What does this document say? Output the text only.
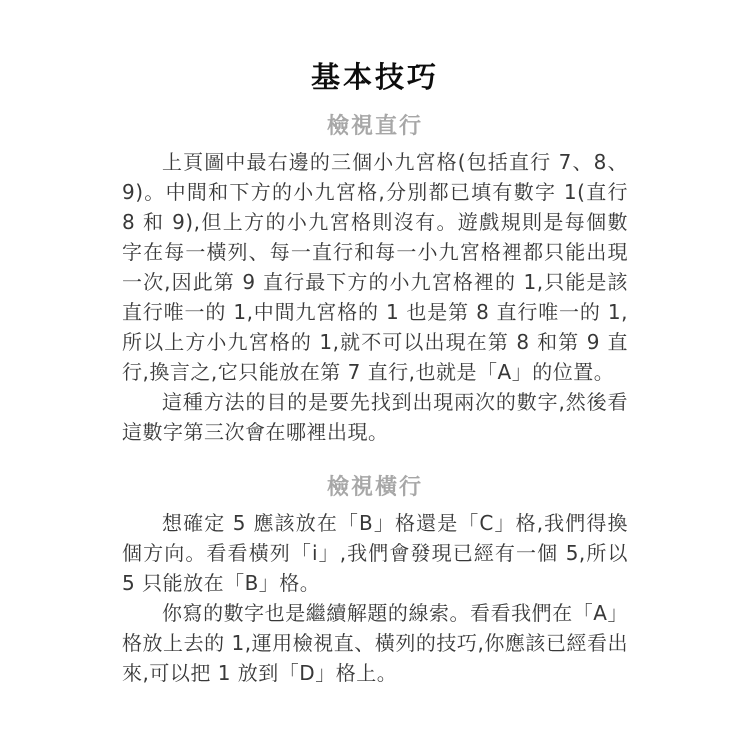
基本技巧
檢視直行

上頁圖中最右邊的三個小九宮格(包括直行 7、8、9)。中間和下方的小九宮格,分別都已填有數字 1(直行 8 和 9),但上方的小九宮格則沒有。遊戲規則是每個數字在每一橫列、每一直行和每一小九宮格裡都只能出現一次,因此第 9 直行最下方的小九宮格裡的 1,只能是該直行唯一的 1,中間九宮格的 1 也是第 8 直行唯一的 1,所以上方小九宮格的 1,就不可以出現在第 8 和第 9 直行,換言之,它只能放在第 7 直行,也就是「A」的位置。

這種方法的目的是要先找到出現兩次的數字,然後看這數字第三次會在哪裡出現。

檢視橫行

想確定 5 應該放在「B」格還是「C」格,我們得換個方向。看看橫列「i」,我們會發現已經有一個 5,所以 5 只能放在「B」格。

你寫的數字也是繼續解題的線索。看看我們在「A」格放上去的 1,運用檢視直、橫列的技巧,你應該已經看出來,可以把 1 放到「D」格上。
